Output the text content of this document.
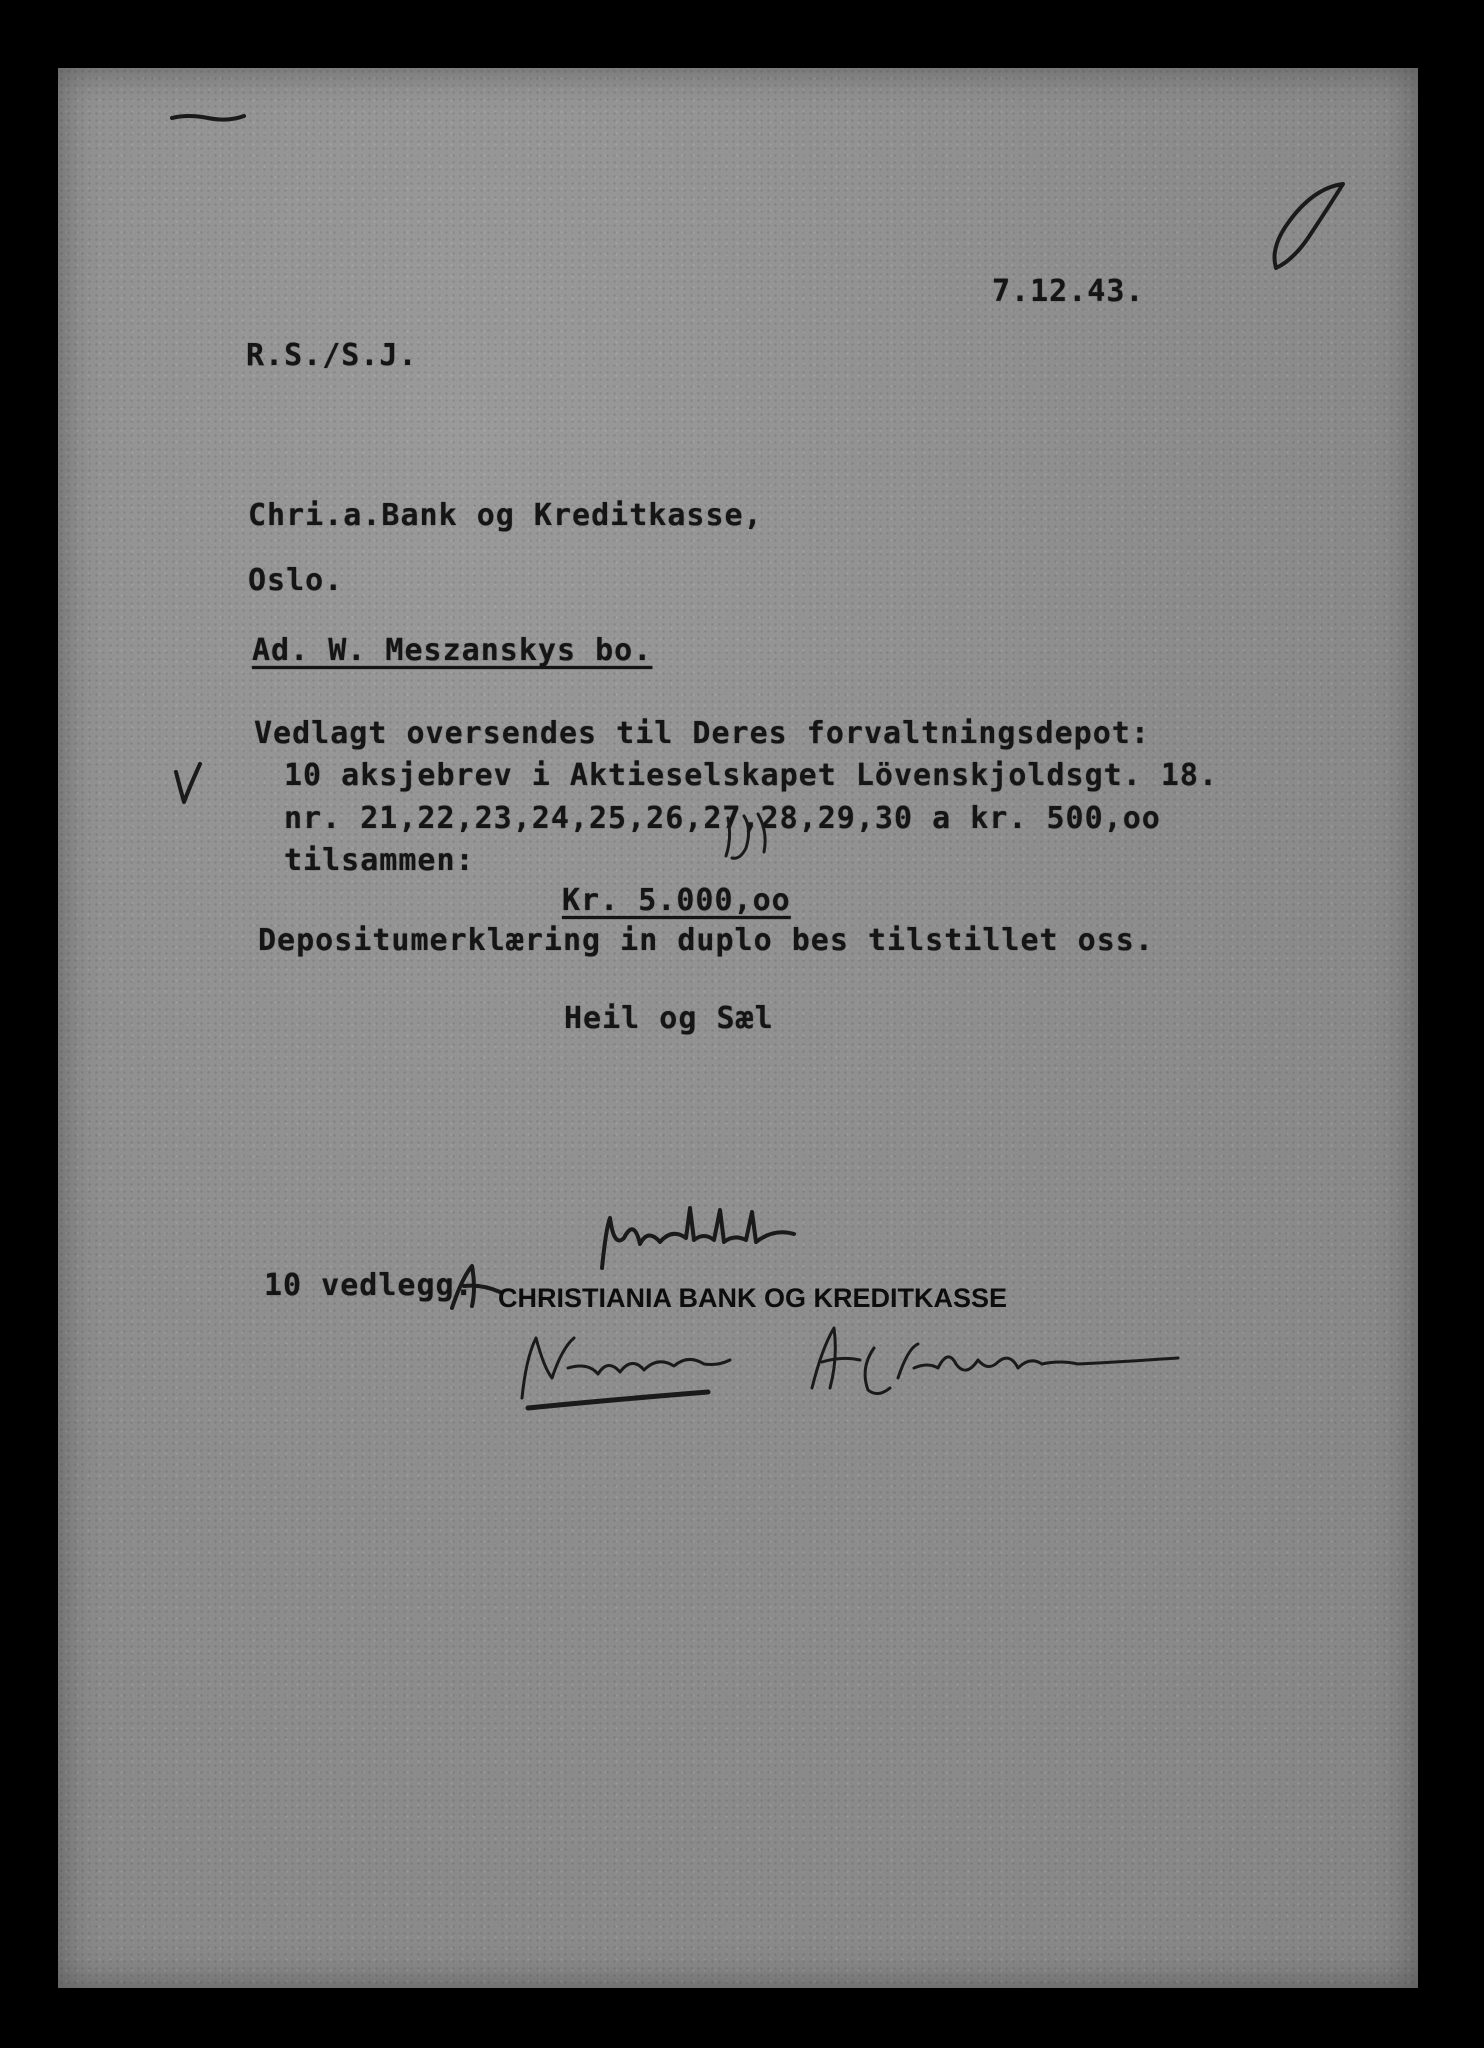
7.12.43.
R.S./S.J.
Chri.a.Bank og Kreditkasse,
Oslo.
Ad. W. Meszanskys bo.
Vedlagt oversendes til Deres forvaltningsdepot:
10 aksjebrev i Aktieselskapet Lövenskjoldsgt. 18.
nr. 21,22,23,24,25,26,27,28,29,30 a kr. 500,oo
tilsammen:
Kr. 5.000,oo
Depositumerklæring in duplo bes tilstillet oss.
Heil og Sæl
10 vedlegg. CHRISTIANIA BANK OG KREDITKASSE
